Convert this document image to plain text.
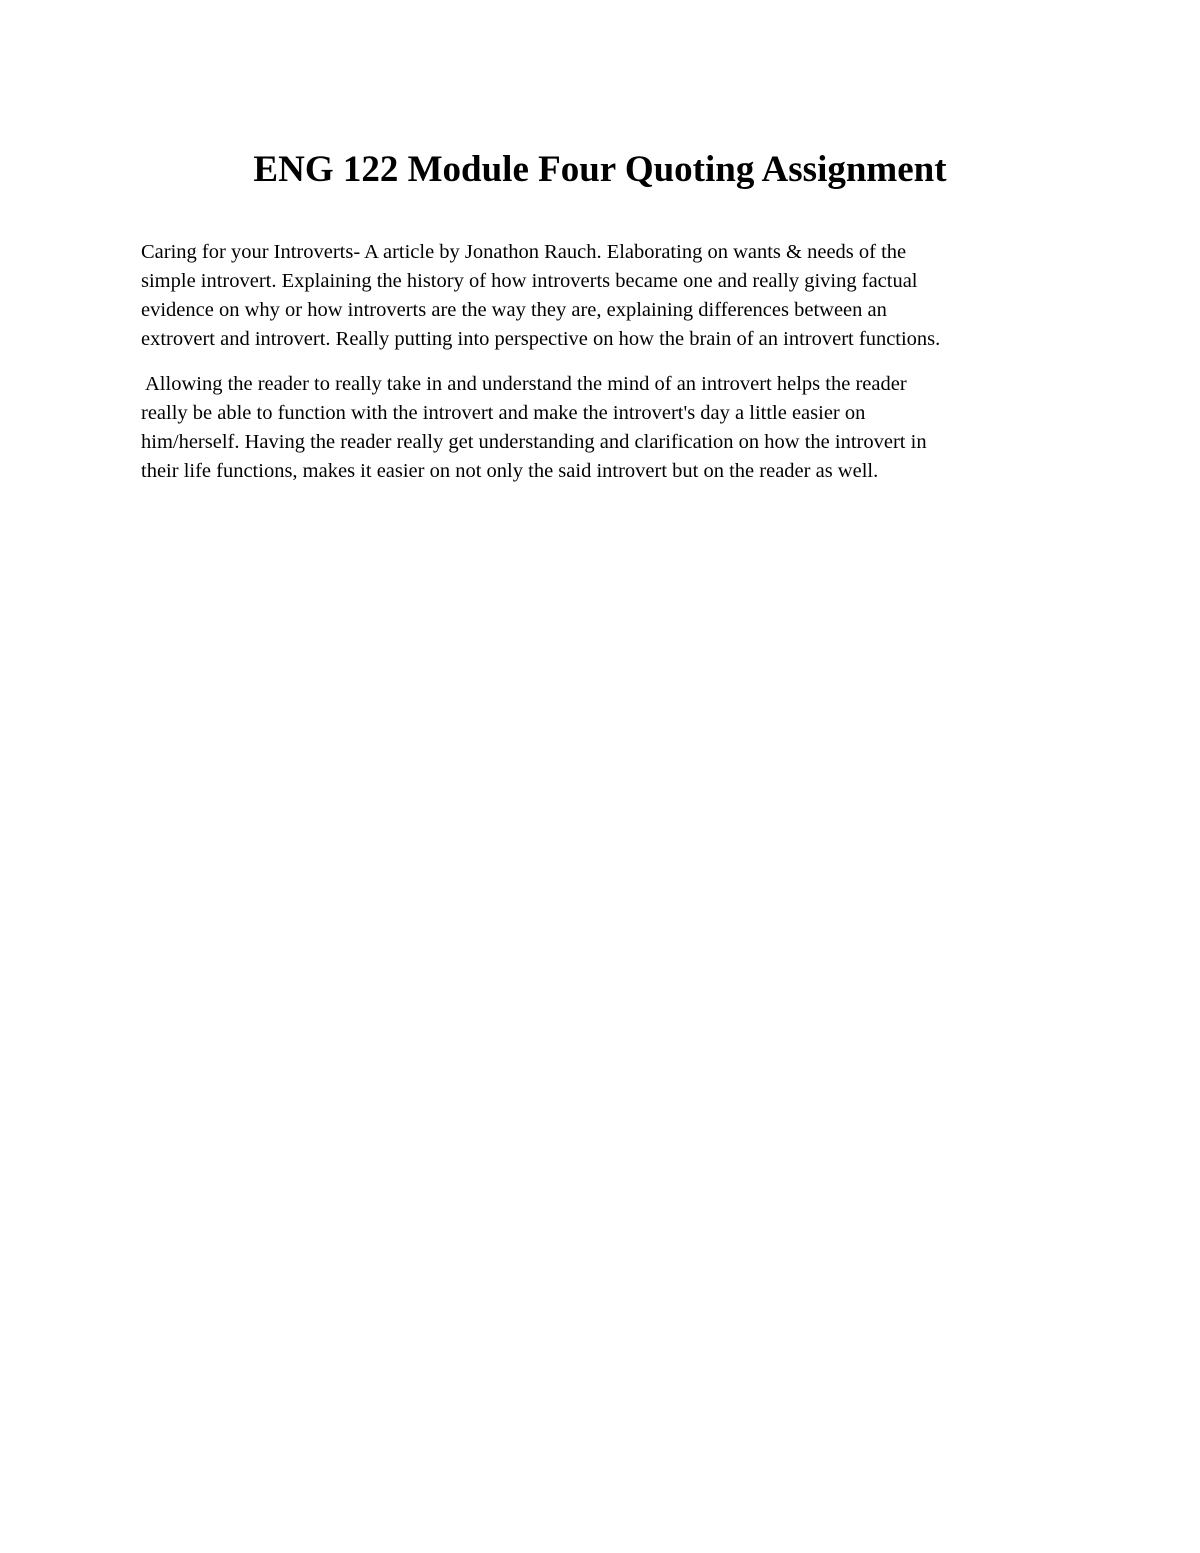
ENG 122 Module Four Quoting Assignment

Caring for your Introverts- A article by Jonathon Rauch. Elaborating on wants & needs of the
simple introvert. Explaining the history of how introverts became one and really giving factual
evidence on why or how introverts are the way they are, explaining differences between an
extrovert and introvert. Really putting into perspective on how the brain of an introvert functions.

Allowing the reader to really take in and understand the mind of an introvert helps the reader
really be able to function with the introvert and make the introvert's day a little easier on
him/herself. Having the reader really get understanding and clarification on how the introvert in
their life functions, makes it easier on not only the said introvert but on the reader as well.
